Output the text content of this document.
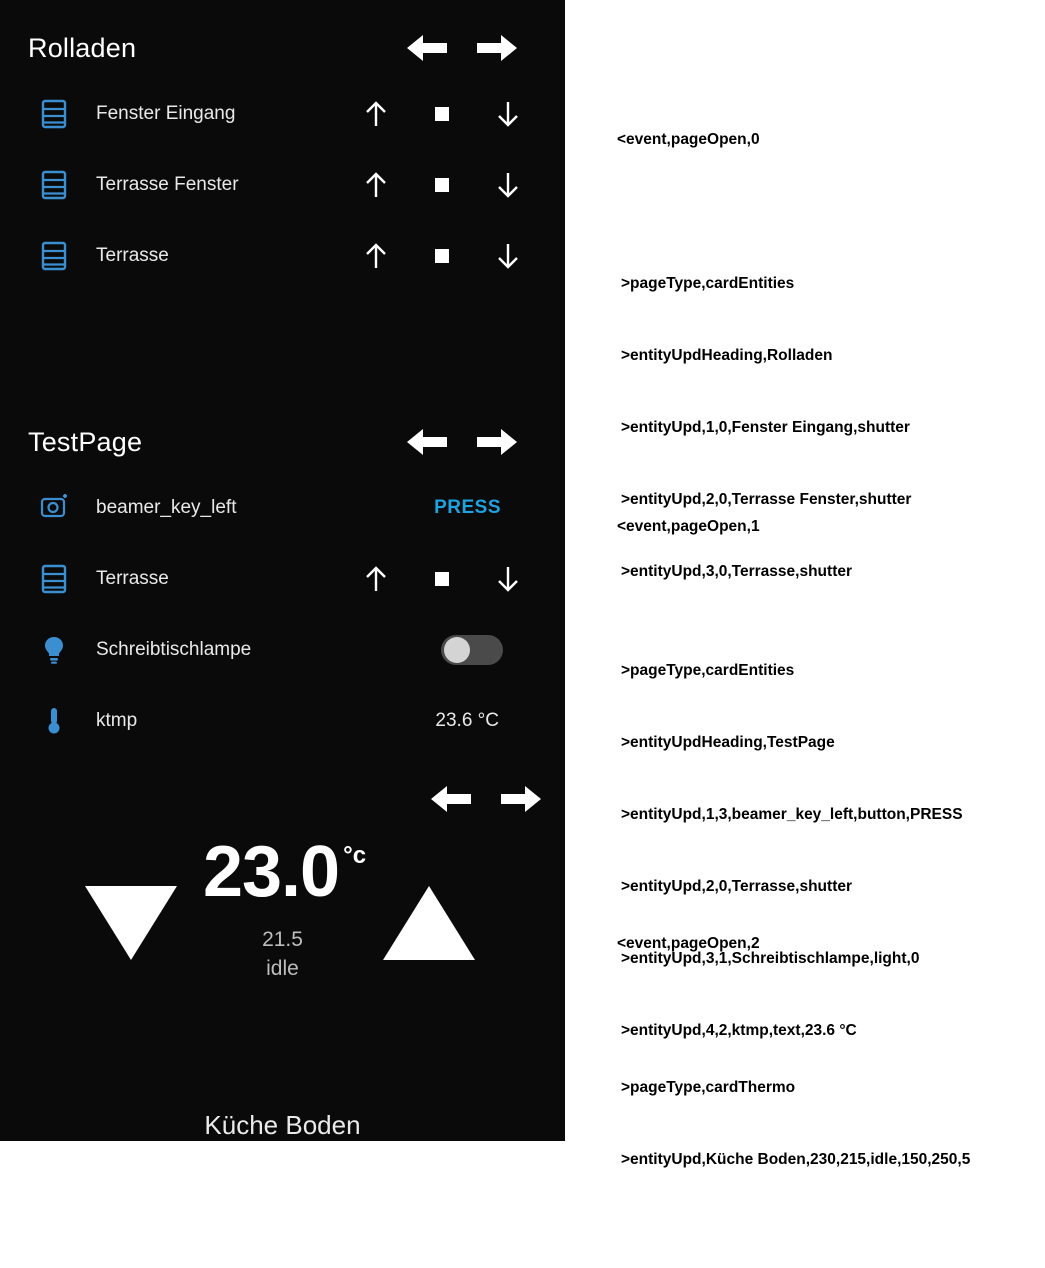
Rolladen
Fenster Eingang
Terrasse Fenster
Terrasse
TestPage
beamer_key_left	PRESS
Terrasse
Schreibtischlampe
ktmp	23.6 °C
23.0 °c
21.5
idle
Küche Boden

<event,pageOpen,0

>pageType,cardEntities

>entityUpdHeading,Rolladen

>entityUpd,1,0,Fenster Eingang,shutter

>entityUpd,2,0,Terrasse Fenster,shutter

>entityUpd,3,0,Terrasse,shutter

<event,pageOpen,1

>pageType,cardEntities

>entityUpdHeading,TestPage

>entityUpd,1,3,beamer_key_left,button,PRESS

>entityUpd,2,0,Terrasse,shutter

>entityUpd,3,1,Schreibtischlampe,light,0

>entityUpd,4,2,ktmp,text,23.6 °C

<event,pageOpen,2

>pageType,cardThermo

>entityUpd,Küche Boden,230,215,idle,150,250,5
